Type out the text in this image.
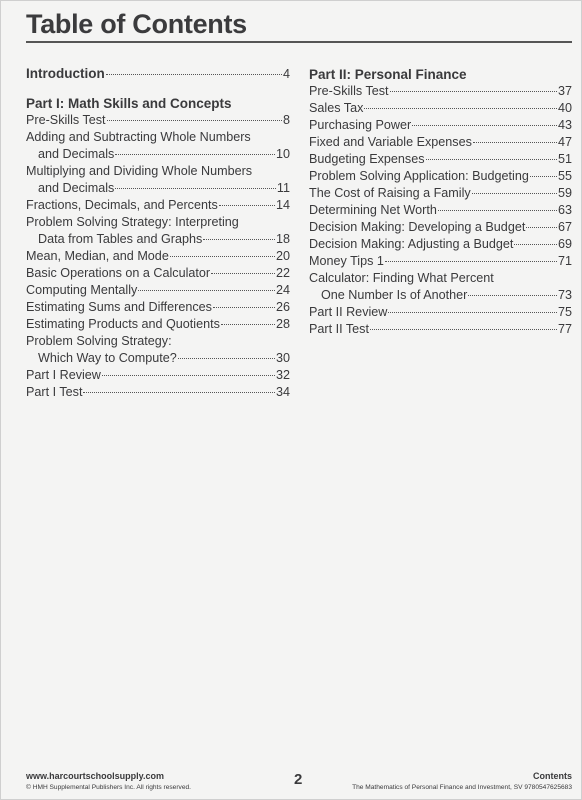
Table of Contents
Introduction	4
Part I: Math Skills and Concepts
Pre-Skills Test	8
Adding and Subtracting Whole Numbers
and Decimals	10
Multiplying and Dividing Whole Numbers
and Decimals	11
Fractions, Decimals, and Percents	14
Problem Solving Strategy: Interpreting
Data from Tables and Graphs	18
Mean, Median, and Mode	20
Basic Operations on a Calculator	22
Computing Mentally	24
Estimating Sums and Differences	26
Estimating Products and Quotients	28
Problem Solving Strategy:
Which Way to Compute?	30
Part I Review	32
Part I Test	34
Part II: Personal Finance
Pre-Skills Test	37
Sales Tax	40
Purchasing Power	43
Fixed and Variable Expenses	47
Budgeting Expenses	51
Problem Solving Application: Budgeting 55
The Cost of Raising a Family	59
Determining Net Worth	63
Decision Making: Developing a Budget	67
Decision Making: Adjusting a Budget	69
Money Tips 1	71
Calculator: Finding What Percent
One Number Is of Another	73
Part II Review	75
Part II Test	77
www.harcourtschoolsupply.com
© HMH Supplemental Publishers Inc. All rights reserved.	2	Contents
The Mathematics of Personal Finance and Investment, SV 9780547625683
